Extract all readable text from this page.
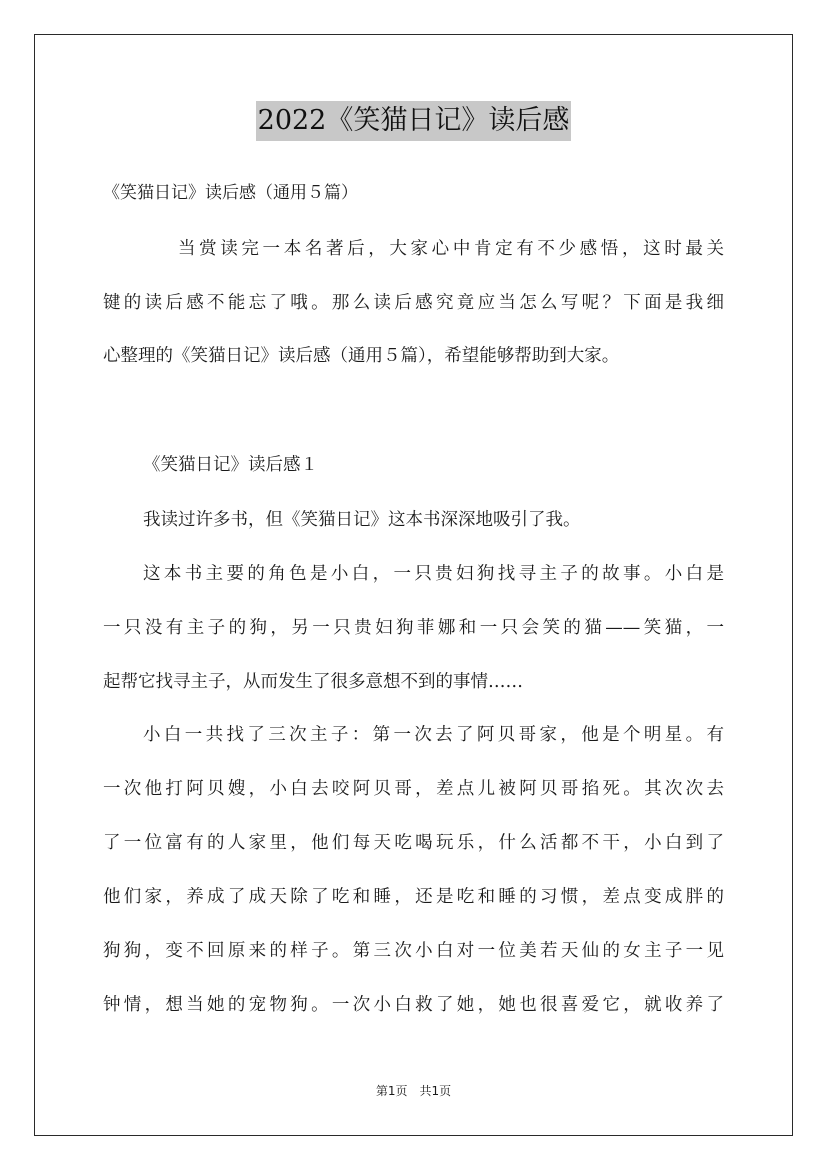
2022《笑猫日记》读后感
《笑猫日记》读后感（通用５篇）
当赏读完一本名著后，大家心中肯定有不少感悟，这时最关
键的读后感不能忘了哦。那么读后感究竟应当怎么写呢？下面是我细
心整理的《笑猫日记》读后感（通用５篇），希望能够帮助到大家。
《笑猫日记》读后感１
我读过许多书，但《笑猫日记》这本书深深地吸引了我。
这本书主要的角色是小白，一只贵妇狗找寻主子的故事。小白是
一只没有主子的狗，另一只贵妇狗菲娜和一只会笑的猫——笑猫，一
起帮它找寻主子，从而发生了很多意想不到的事情……
小白一共找了三次主子：第一次去了阿贝哥家，他是个明星。有
一次他打阿贝嫂，小白去咬阿贝哥，差点儿被阿贝哥掐死。其次次去
了一位富有的人家里，他们每天吃喝玩乐，什么活都不干，小白到了
他们家，养成了成天除了吃和睡，还是吃和睡的习惯，差点变成胖的
狗狗，变不回原来的样子。第三次小白对一位美若天仙的女主子一见
钟情，想当她的宠物狗。一次小白救了她，她也很喜爱它，就收养了
第1页　共1页
